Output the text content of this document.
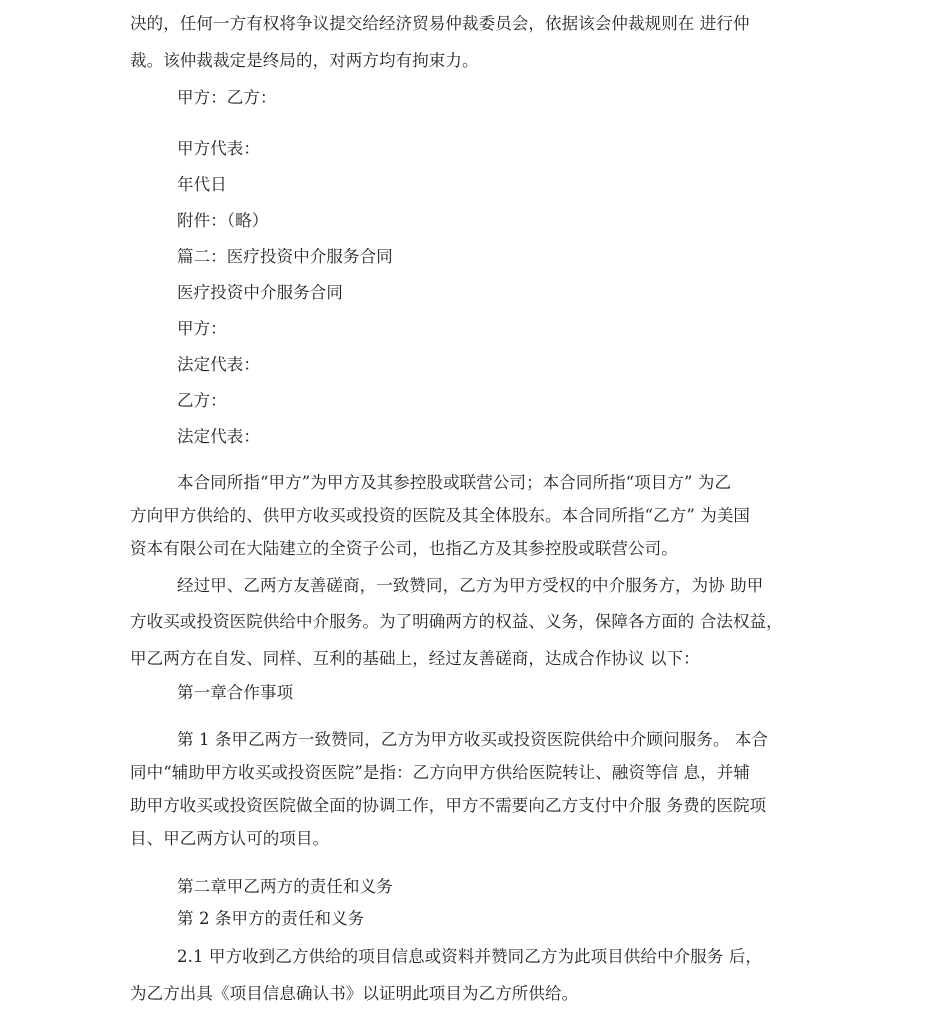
决的，任何一方有权将争议提交给经济贸易仲裁委员会，依据该会仲裁规则在 进行仲

裁。该仲裁裁定是终局的，对两方均有拘束力。

甲方：乙方：

甲方代表：

年代日

附件：（略）

篇二：医疗投资中介服务合同

医疗投资中介服务合同

甲方：

法定代表：

乙方：

法定代表：

本合同所指“甲方”为甲方及其参控股或联营公司；本合同所指“项目方” 为乙

方向甲方供给的、供甲方收买或投资的医院及其全体股东。本合同所指“乙方” 为美国

资本有限公司在大陆建立的全资子公司，也指乙方及其参控股或联营公司。

经过甲、乙两方友善磋商，一致赞同，乙方为甲方受权的中介服务方，为协 助甲

方收买或投资医院供给中介服务。为了明确两方的权益、义务，保障各方面的 合法权益，

甲乙两方在自发、同样、互利的基础上，经过友善磋商，达成合作协议 以下：

第一章合作事项

第 1 条甲乙两方一致赞同，乙方为甲方收买或投资医院供给中介顾问服务。 本合

同中“辅助甲方收买或投资医院”是指：乙方向甲方供给医院转让、融资等信 息，并辅

助甲方收买或投资医院做全面的协调工作，甲方不需要向乙方支付中介服 务费的医院项

目、甲乙两方认可的项目。

第二章甲乙两方的责任和义务

第 2 条甲方的责任和义务

2.1 甲方收到乙方供给的项目信息或资料并赞同乙方为此项目供给中介服务 后，

为乙方出具《项目信息确认书》以证明此项目为乙方所供给。
